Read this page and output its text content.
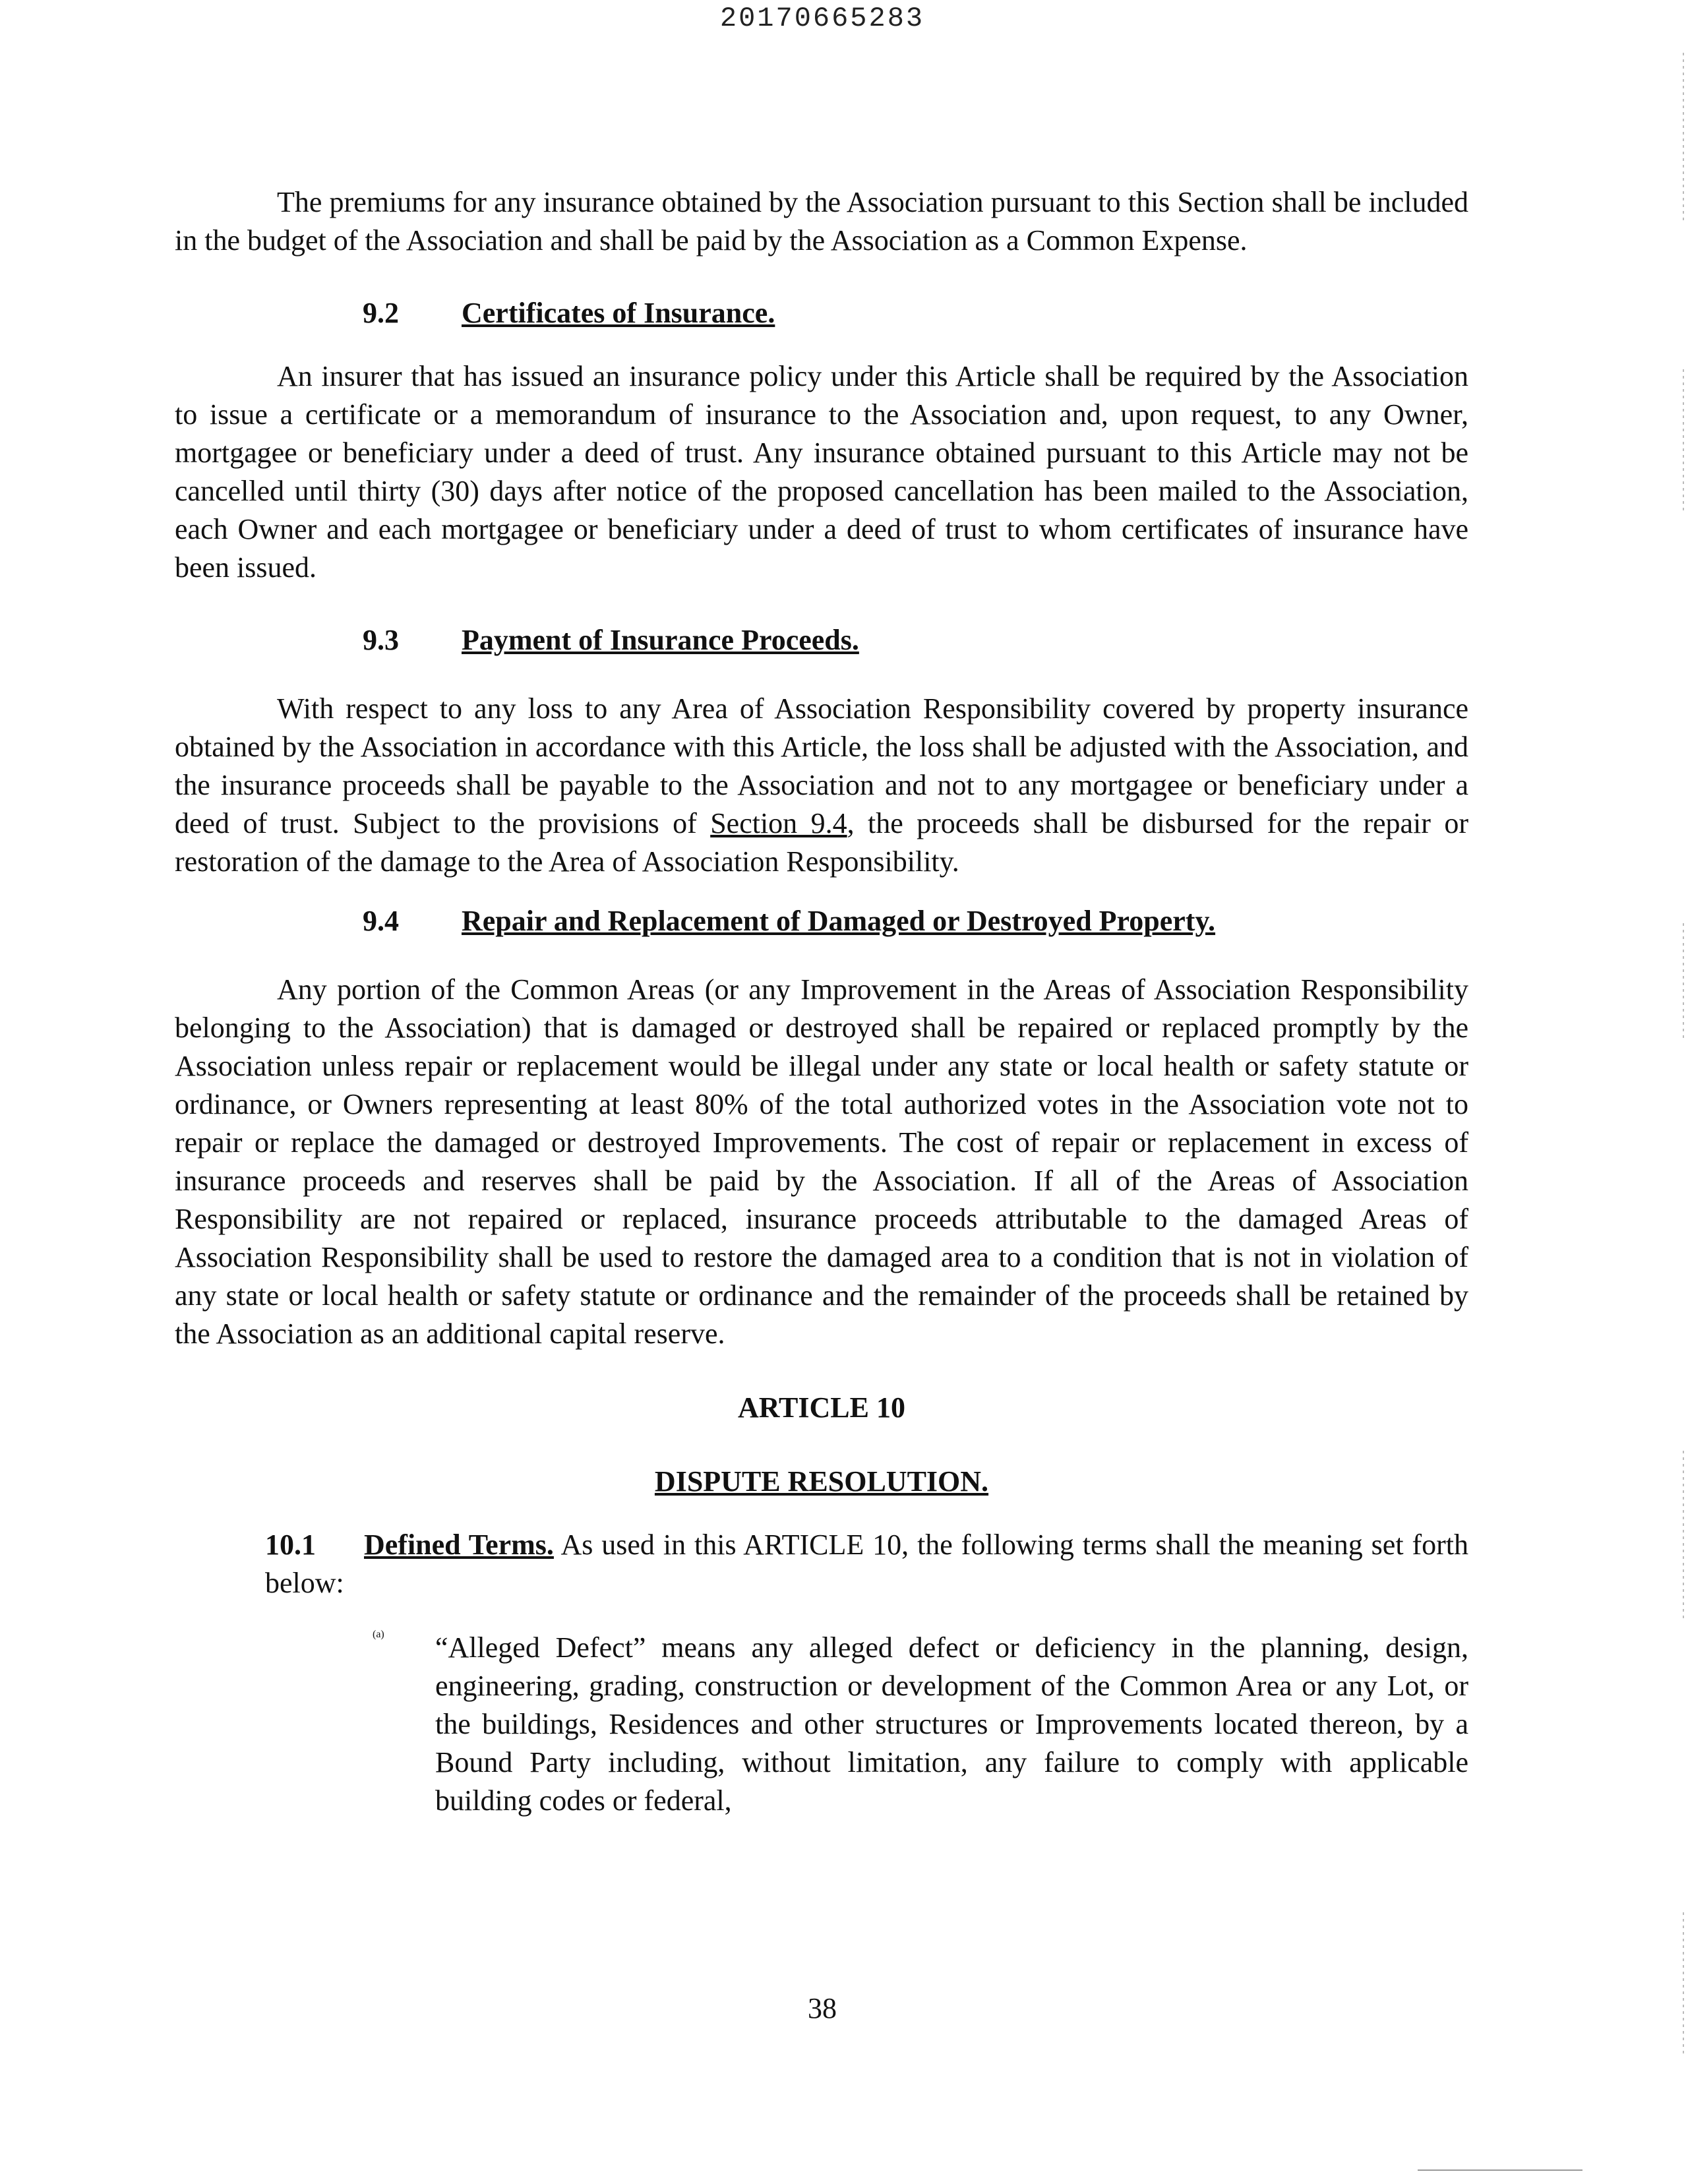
20170665283

The premiums for any insurance obtained by the Association pursuant to this Section shall be included in the budget of the Association and shall be paid by the Association as a Common Expense.

9.2 Certificates of Insurance.

An insurer that has issued an insurance policy under this Article shall be required by the Association to issue a certificate or a memorandum of insurance to the Association and, upon request, to any Owner, mortgagee or beneficiary under a deed of trust. Any insurance obtained pursuant to this Article may not be cancelled until thirty (30) days after notice of the proposed cancellation has been mailed to the Association, each Owner and each mortgagee or beneficiary under a deed of trust to whom certificates of insurance have been issued.

9.3 Payment of Insurance Proceeds.

With respect to any loss to any Area of Association Responsibility covered by property insurance obtained by the Association in accordance with this Article, the loss shall be adjusted with the Association, and the insurance proceeds shall be payable to the Association and not to any mortgagee or beneficiary under a deed of trust. Subject to the provisions of Section 9.4, the proceeds shall be disbursed for the repair or restoration of the damage to the Area of Association Responsibility.

9.4 Repair and Replacement of Damaged or Destroyed Property.

Any portion of the Common Areas (or any Improvement in the Areas of Association Responsibility belonging to the Association) that is damaged or destroyed shall be repaired or replaced promptly by the Association unless repair or replacement would be illegal under any state or local health or safety statute or ordinance, or Owners representing at least 80% of the total authorized votes in the Association vote not to repair or replace the damaged or destroyed Improvements. The cost of repair or replacement in excess of insurance proceeds and reserves shall be paid by the Association. If all of the Areas of Association Responsibility are not repaired or replaced, insurance proceeds attributable to the damaged Areas of Association Responsibility shall be used to restore the damaged area to a condition that is not in violation of any state or local health or safety statute or ordinance and the remainder of the proceeds shall be retained by the Association as an additional capital reserve.

ARTICLE 10
DISPUTE RESOLUTION.

10.1 Defined Terms. As used in this ARTICLE 10, the following terms shall the meaning set forth below:

(a) “Alleged Defect” means any alleged defect or deficiency in the planning, design, engineering, grading, construction or development of the Common Area or any Lot, or the buildings, Residences and other structures or Improvements located thereon, by a Bound Party including, without limitation, any failure to comply with applicable building codes or federal,

38
